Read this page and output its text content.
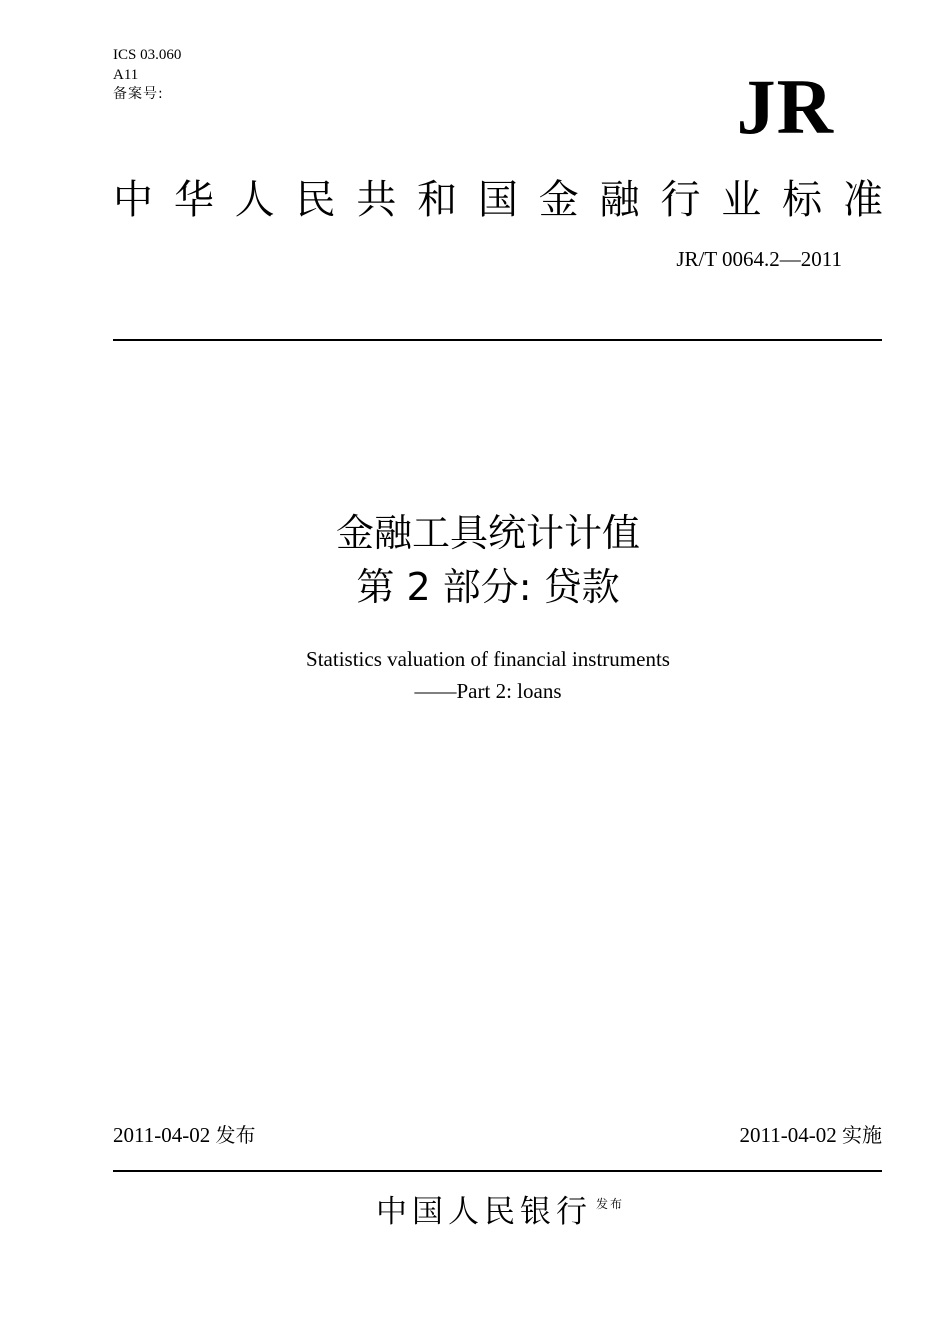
ICS 03.060
A11
备案号:	JR
中 华 人 民 共 和 国 金 融 行 业 标 准
JR/T 0064.2—2011
金融工具统计计值
第 2 部分: 贷款
Statistics valuation of financial instruments
——Part 2: loans
2011-04-02 发布	2011-04-02 实施
中国人民银行 $^{发布}$
